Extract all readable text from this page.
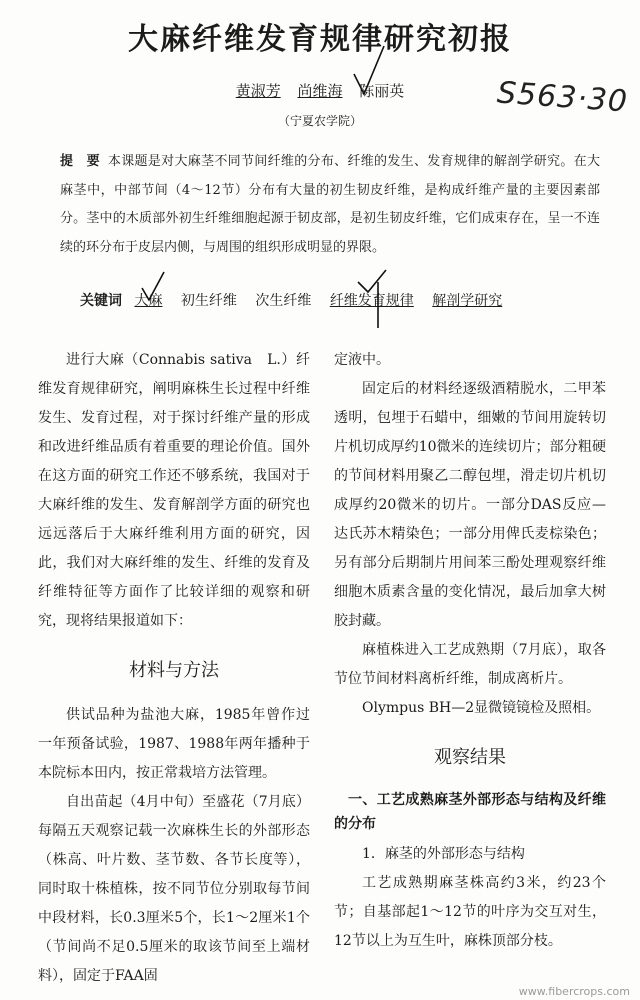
大麻纤维发育规律研究初报
黄淑芳 尚维海 陈丽英
（宁夏农学院）
S563·30
提　要 本课题是对大麻茎不同节间纤维的分布、纤维的发生、发育规律的解剖学研究。在大麻茎中，中部节间（4～12节）分布有大量的初生韧皮纤维，是构成纤维产量的主要因素部分。茎中的木质部外初生纤维细胞起源于韧皮部，是初生韧皮纤维，它们成束存在，呈一不连续的环分布于皮层内侧，与周围的组织形成明显的界限。
关键词 大麻 初生纤维 次生纤维 纤维发育规律 解剖学研究

进行大麻（Connabis sativa　L.）纤维发育规律研究，阐明麻株生长过程中纤维发生、发育过程，对于探讨纤维产量的形成和改进纤维品质有着重要的理论价值。国外在这方面的研究工作还不够系统，我国对于大麻纤维的发生、发育解剖学方面的研究也远远落后于大麻纤维利用方面的研究，因此，我们对大麻纤维的发生、纤维的发育及纤维特征等方面作了比较详细的观察和研究，现将结果报道如下：

材料与方法

供试品种为盐池大麻，1985年曾作过一年预备试验，1987、1988年两年播种于本院标本田内，按正常栽培方法管理。

自出苗起（4月中旬）至盛花（7月底）每隔五天观察记载一次麻株生长的外部形态（株高、叶片数、茎节数、各节长度等），同时取十株植株，按不同节位分别取每节间中段材料，长0.3厘米5个，长1～2厘米1个（节间尚不足0.5厘米的取该节间至上端材料），固定于FAA固

定液中。

固定后的材料经逐级酒精脱水，二甲苯透明，包埋于石蜡中，细嫩的节间用旋转切片机切成厚约10微米的连续切片；部分粗硬的节间材料用聚乙二醇包埋，滑走切片机切成厚约20微米的切片。一部分DAS反应—达氏苏木精染色；一部分用俾氏麦棕染色；另有部分后期制片用间苯三酚处理观察纤维细胞木质素含量的变化情况，最后加拿大树胶封藏。

麻植株进入工艺成熟期（7月底），取各节位节间材料离析纤维，制成离析片。

Olympus BH—2显微镜镜检及照相。

观察结果
一、工艺成熟麻茎外部形态与结构及纤维的分布

1．麻茎的外部形态与结构

工艺成熟期麻茎株高约3米，约23个节；自基部起1～12节的叶序为交互对生，12节以上为互生叶，麻株顶部分枝。

www.fibercrops.com
